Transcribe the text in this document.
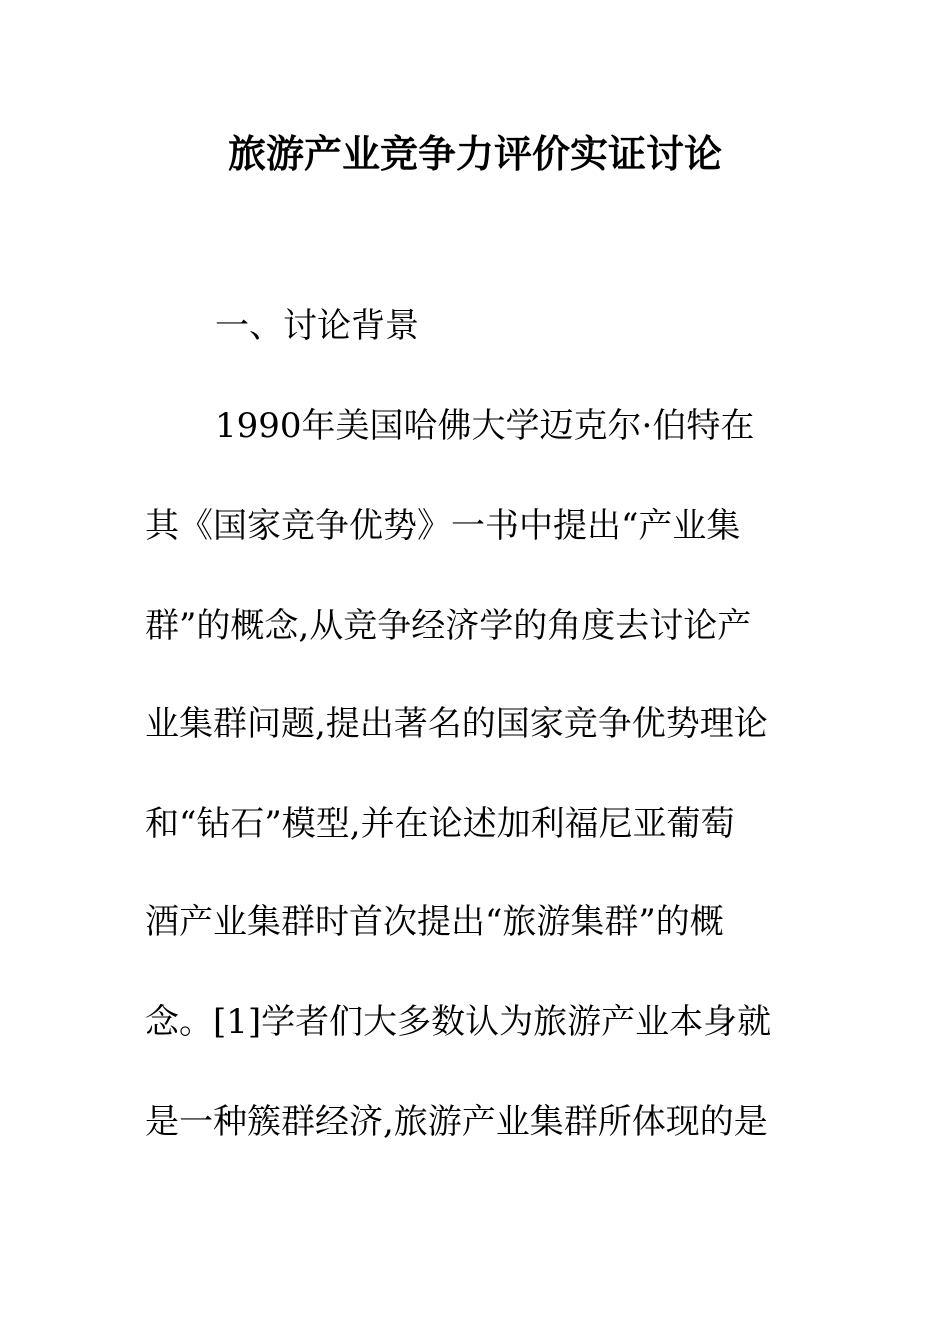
旅游产业竞争力评价实证讨论
一、讨论背景
1990年美国哈佛大学迈克尔·伯特在
其《国家竞争优势》一书中提出“产业集
群”的概念,从竞争经济学的角度去讨论产
业集群问题,提出著名的国家竞争优势理论
和“钻石”模型,并在论述加利福尼亚葡萄
酒产业集群时首次提出“旅游集群”的概
念。[1]学者们大多数认为旅游产业本身就
是一种簇群经济,旅游产业集群所体现的是
